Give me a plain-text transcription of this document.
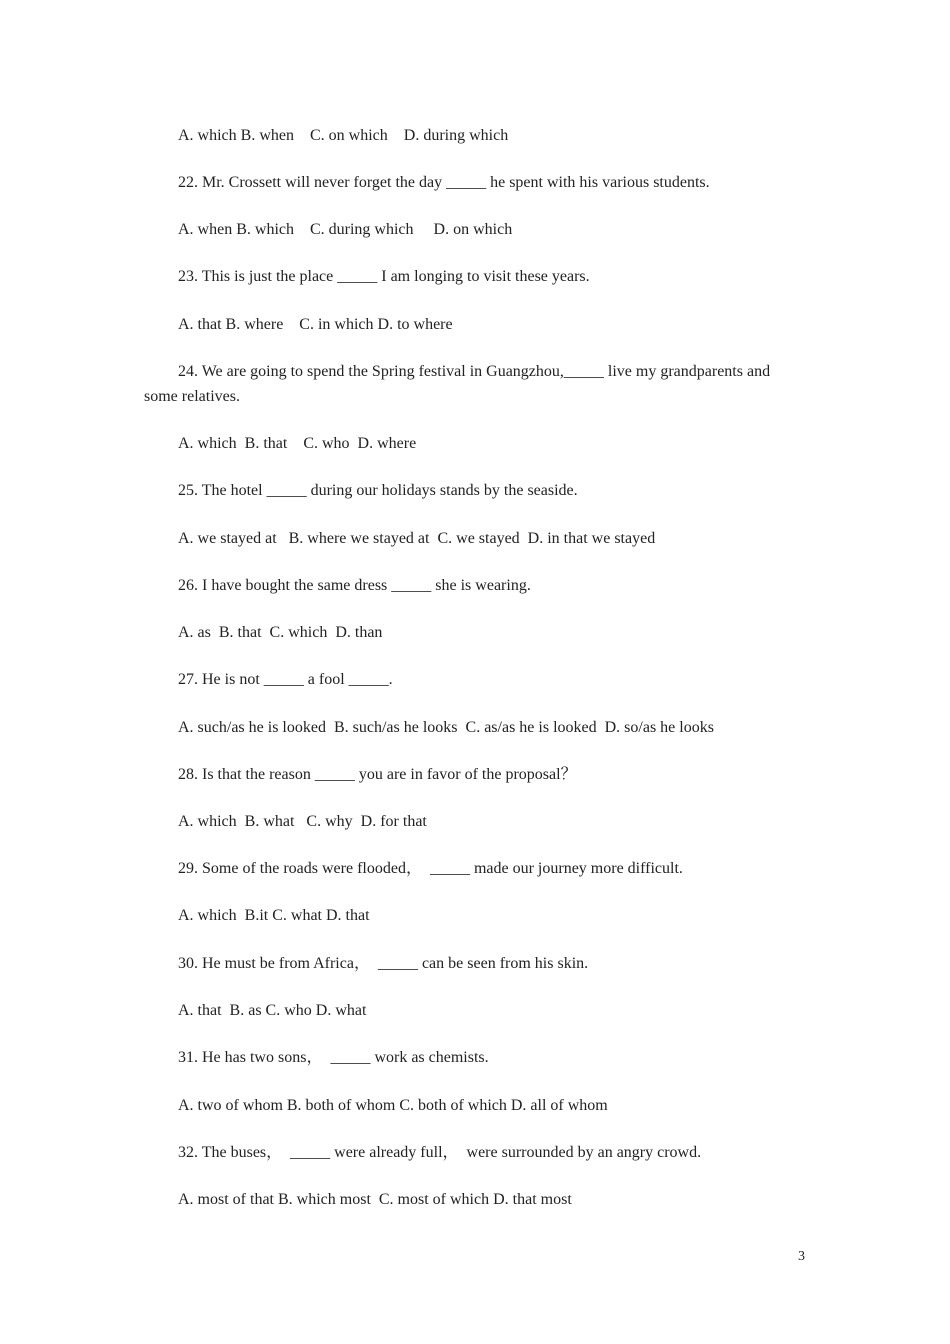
A. which B. when    C. on which    D. during which
22. Mr. Crossett will never forget the day _____ he spent with his various students.
A. when B. which    C. during which     D. on which
23. This is just the place _____ I am longing to visit these years.
A. that B. where    C. in which D. to where
24. We are going to spend the Spring festival in Guangzhou,_____ live my grandparents and
some relatives.
A. which  B. that    C. who  D. where
25. The hotel _____ during our holidays stands by the seaside.
A. we stayed at   B. where we stayed at  C. we stayed  D. in that we stayed
26. I have bought the same dress _____ she is wearing.
A. as  B. that  C. which  D. than
27. He is not _____ a fool _____.
A. such/as he is looked  B. such/as he looks  C. as/as he is looked  D. so/as he looks
28. Is that the reason _____ you are in favor of the proposal？
A. which  B. what   C. why  D. for that
29. Some of the roads were flooded，  _____ made our journey more difficult.
A. which  B.it C. what D. that
30. He must be from Africa，  _____ can be seen from his skin.
A. that  B. as C. who D. what
31. He has two sons，  _____ work as chemists.
A. two of whom B. both of whom C. both of which D. all of whom
32. The buses，  _____ were already full，  were surrounded by an angry crowd.
A. most of that B. which most  C. most of which D. that most
3
